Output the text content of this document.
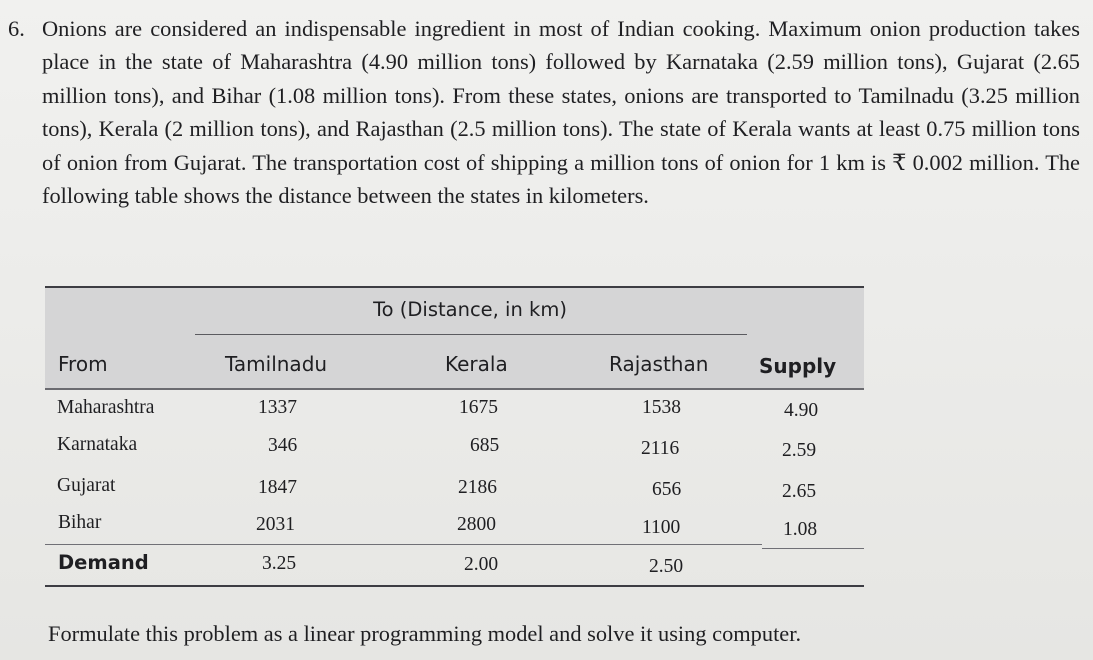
6. Onions are considered an indispensable ingredient in most of Indian cooking. Maximum onion production takes place in the state of Maharashtra (4.90 million tons) followed by Karnataka (2.59 million tons), Gujarat (2.65 million tons), and Bihar (1.08 million tons). From these states, onions are transported to Tamilnadu (3.25 million tons), Kerala (2 million tons), and Rajasthan (2.5 million tons). The state of Kerala wants at least 0.75 million tons of onion from Gujarat. The transportation cost of shipping a million tons of onion for 1 km is ₹ 0.002 million. The following table shows the distance between the states in kilometers.

To (Distance, in km)
From	Tamilnadu	Kerala	Rajasthan	Supply
Maharashtra	1337	1675	1538	4.90
Karnataka	346	685	2116	2.59
Gujarat	1847	2186	656	2.65
Bihar	2031	2800	1100	1.08
Demand	3.25	2.00	2.50
Formulate this problem as a linear programming model and solve it using computer.
